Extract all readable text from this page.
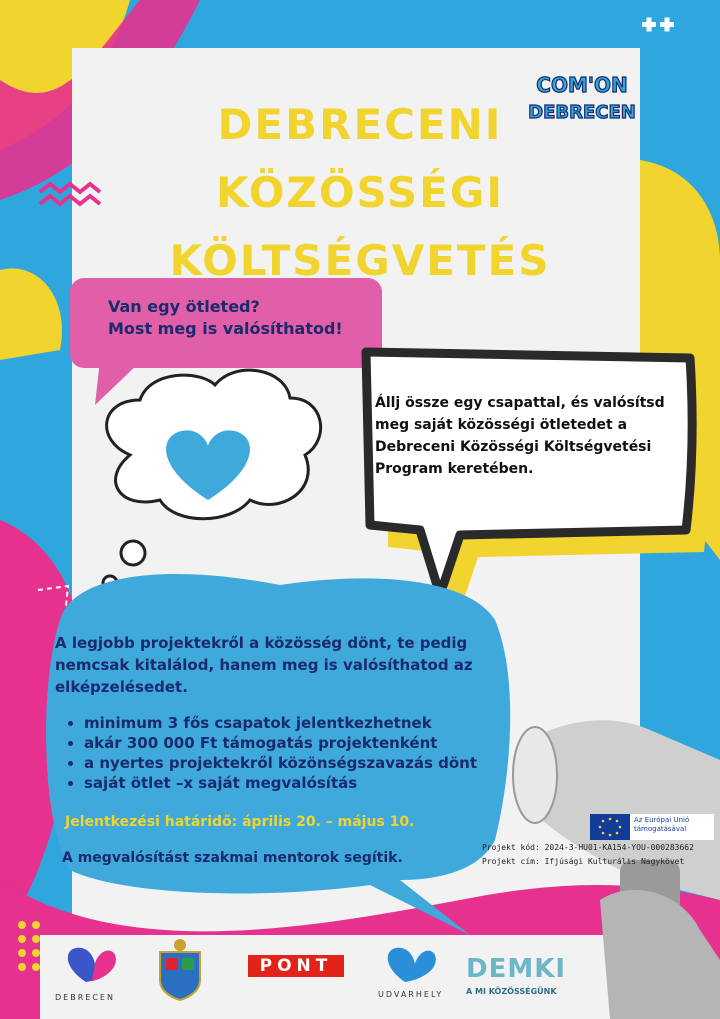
COM'ON
DEBRECEN
DEBRECENI
KÖZÖSSÉGI
KÖLTSÉGVETÉS
Van egy ötleted?
Most meg is valósíthatod!
Állj össze egy csapattal, és valósítsd
meg saját közösségi ötletedet a
Debreceni Közösségi Költségvetési
Program keretében.
A legjobb projektekről a közösség dönt, te pedig
nemcsak kitalálod, hanem meg is valósíthatod az
elképzelésedet.
• minimum 3 fős csapatok jelentkezhetnek
• akár 300 000 Ft támogatás projektenként
• a nyertes projektekről közönségszavazás dönt
• saját ötlet –x saját megvalósítás
Jelentkezési határidő: április 20. – május 10.
A megvalósítást szakmai mentorok segítik.
Az Európai Unió
támogatásával
Projekt kód: 2024-3-HU01-KA154-YOU-000283662
Projekt cím: Ifjúsági Kulturális Nagykövet
DEBRECEN
PONT
UDVARHELY
DEMKI
A MI KÖZÖSSÉGÜNK
